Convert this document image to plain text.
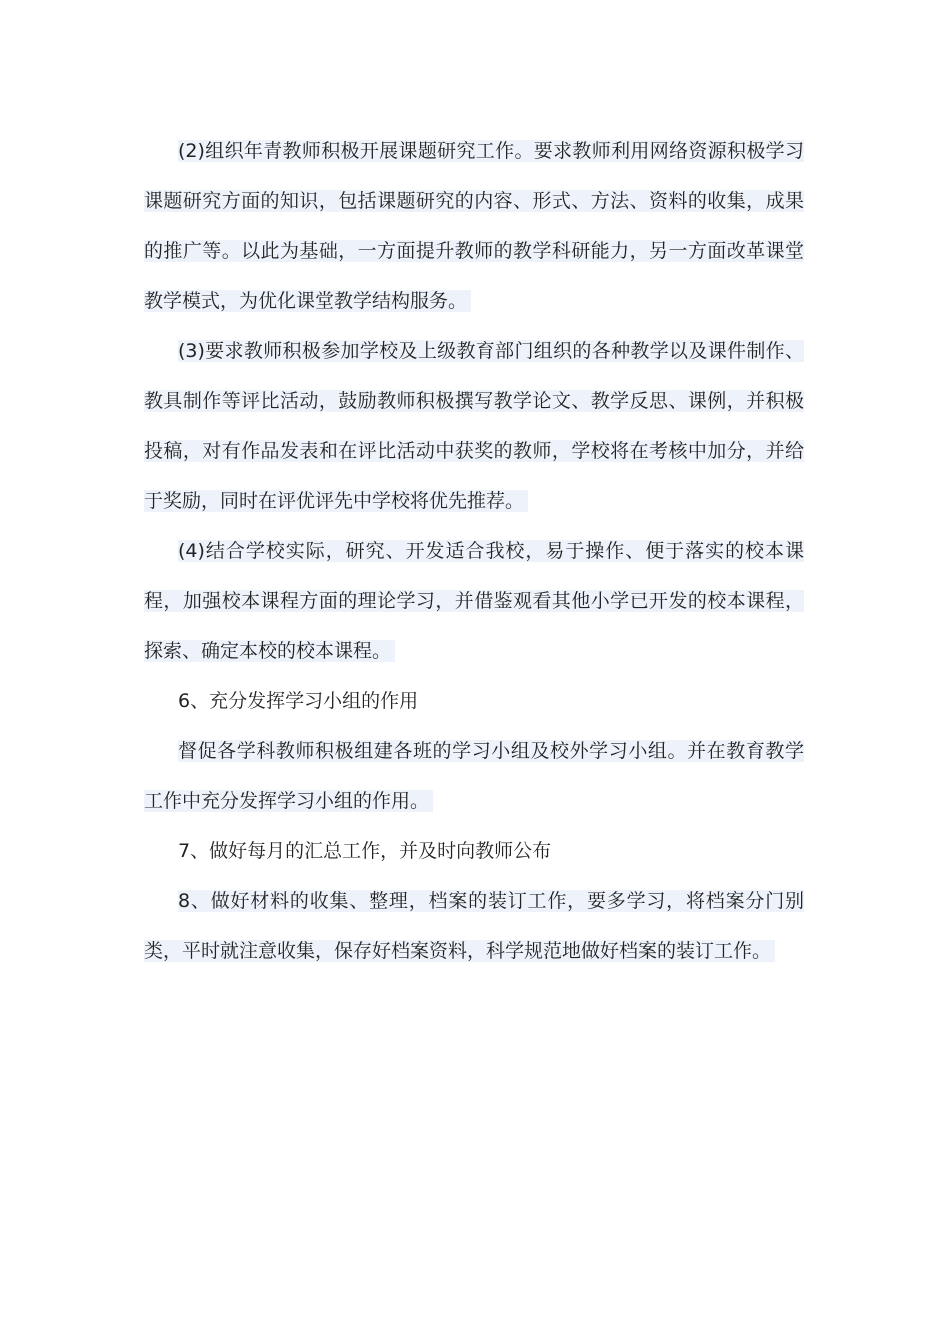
(2)组织年青教师积极开展课题研究工作。要求教师利用网络资源积极学习课题研究方面的知识，包括课题研究的内容、形式、方法、资料的收集，成果的推广等。以此为基础，一方面提升教师的教学科研能力，另一方面改革课堂教学模式，为优化课堂教学结构服务。

(3)要求教师积极参加学校及上级教育部门组织的各种教学以及课件制作、教具制作等评比活动，鼓励教师积极撰写教学论文、教学反思、课例，并积极投稿，对有作品发表和在评比活动中获奖的教师，学校将在考核中加分，并给于奖励，同时在评优评先中学校将优先推荐。

(4)结合学校实际，研究、开发适合我校，易于操作、便于落实的校本课程，加强校本课程方面的理论学习，并借鉴观看其他小学已开发的校本课程，探索、确定本校的校本课程。

6、充分发挥学习小组的作用

督促各学科教师积极组建各班的学习小组及校外学习小组。并在教育教学工作中充分发挥学习小组的作用。

7、做好每月的汇总工作，并及时向教师公布

8、做好材料的收集、整理，档案的装订工作，要多学习，将档案分门别类，平时就注意收集，保存好档案资料，科学规范地做好档案的装订工作。
